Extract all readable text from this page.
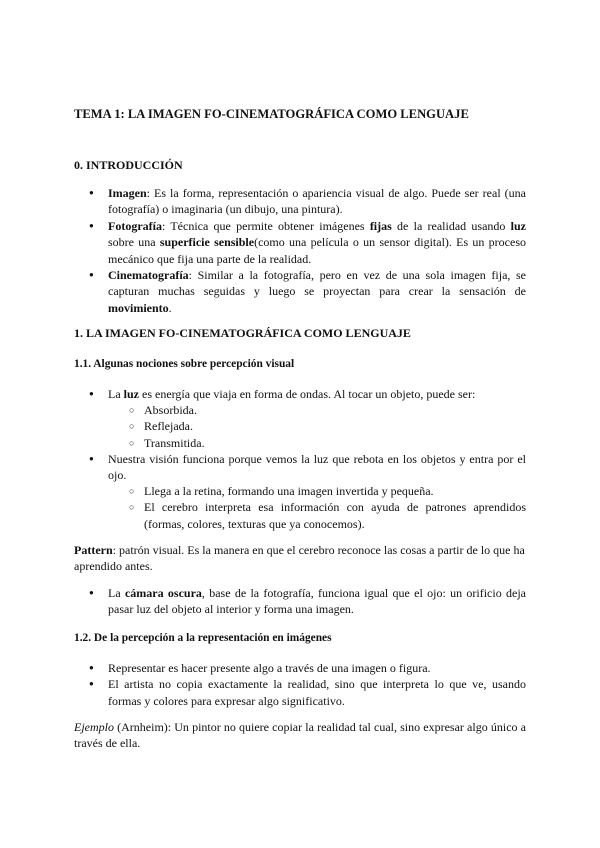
TEMA 1: LA IMAGEN FO-CINEMATOGRÁFICA COMO LENGUAJE
0. INTRODUCCIÓN
● Imagen: Es la forma, representación o apariencia visual de algo. Puede ser real (una fotografía) o imaginaria (un dibujo, una pintura).
● Fotografía: Técnica que permite obtener imágenes fijas de la realidad usando luz sobre una superficie sensible(como una película o un sensor digital). Es un proceso mecánico que fija una parte de la realidad.
● Cinematografía: Similar a la fotografía, pero en vez de una sola imagen fija, se capturan muchas seguidas y luego se proyectan para crear la sensación de movimiento.
1. LA IMAGEN FO-CINEMATOGRÁFICA COMO LENGUAJE
1.1. Algunas nociones sobre percepción visual
● La luz es energía que viaja en forma de ondas. Al tocar un objeto, puede ser:
○ Absorbida.
○ Reflejada.
○ Transmitida.
● Nuestra visión funciona porque vemos la luz que rebota en los objetos y entra por el ojo.
○ Llega a la retina, formando una imagen invertida y pequeña.
○ El cerebro interpreta esa información con ayuda de patrones aprendidos (formas, colores, texturas que ya conocemos).

Pattern: patrón visual. Es la manera en que el cerebro reconoce las cosas a partir de lo que ha aprendido antes.

● La cámara oscura, base de la fotografía, funciona igual que el ojo: un orificio deja pasar luz del objeto al interior y forma una imagen.
1.2. De la percepción a la representación en imágenes
● Representar es hacer presente algo a través de una imagen o figura.
● El artista no copia exactamente la realidad, sino que interpreta lo que ve, usando formas y colores para expresar algo significativo.

Ejemplo (Arnheim): Un pintor no quiere copiar la realidad tal cual, sino expresar algo único a través de ella.
